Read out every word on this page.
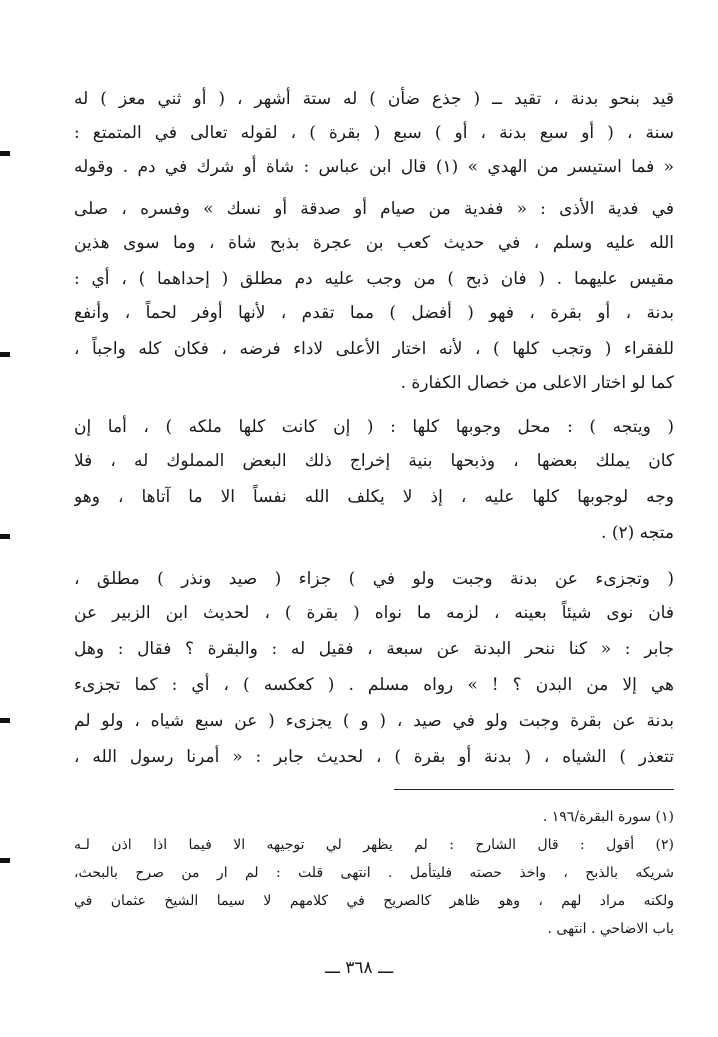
قيد بنحو بدنة ، تقيد ــ ( جذع ضأن ) له ستة أشهر ، ( أو ثني معز ) له
سنة ، ( أو سبع بدنة ، أو ) سبع ( بقرة ) ، لقوله تعالى في المتمتع :
« فما استيسر من الهدي » (١) قال ابن عباس : شاة أو شرك في دم . وقوله
في فدية الأذى : « ففدية من صيام أو صدقة أو نسك » وفسره ، صلى
الله عليه وسلم ، في حديث كعب بن عجرة بذبح شاة ، وما سوى هذين
مقيس عليهما . ( فان ذبح ) من وجب عليه دم مطلق ( إحداهما ) ، أي :
بدنة ، أو بقرة ، فهو ( أفضل ) مما تقدم ، لأنها أوفر لحماً ، وأنفع
للفقراء ( وتجب كلها ) ، لأنه اختار الأعلى لاداء فرضه ، فكان كله واجباً ،
كما لو اختار الاعلى من خصال الكفارة .
( ويتجه ) : محل وجوبها كلها : ( إن كانت كلها ملكه ) ، أما إن
كان يملك بعضها ، وذبحها بنية إخراج ذلك البعض المملوك له ، فلا
وجه لوجوبها كلها عليه ، إذ لا يكلف الله نفساً الا ما آتاها ، وهو
متجه (٢) .
( وتجزىء عن بدنة وجبت ولو في ) جزاء ( صيد ونذر ) مطلق ،
فان نوى شيئاً بعينه ، لزمه ما نواه ( بقرة ) ، لحديث ابن الزبير عن
جابر : « كنا ننحر البدنة عن سبعة ، فقيل له : والبقرة ؟ فقال : وهل
هي إلا من البدن ؟ ! » رواه مسلم . ( كعكسه ) ، أي : كما تجزىء
بدنة عن بقرة وجبت ولو في صيد ، ( و ) يجزىء ( عن سبع شياه ، ولو لم
تتعذر ) الشياه ، ( بدنة أو بقرة ) ، لحديث جابر : « أمرنا رسول الله ،
(١) سورة البقرة/١٩٦ .
(٢) أقول : قال الشارح : لم يظهر لي توجيهه الا فيما اذا اذن لـه
شريكه بالذبح ، واخذ حصته فليتأمل . انتهى قلت : لم ار من صرح بالبحث،
ولكنه مراد لهم ، وهو ظاهر كالصريح في كلامهم لا سيما الشيخ عثمان في
باب الاضاحي . انتهى .
ـــ ٣٦٨ ـــ
